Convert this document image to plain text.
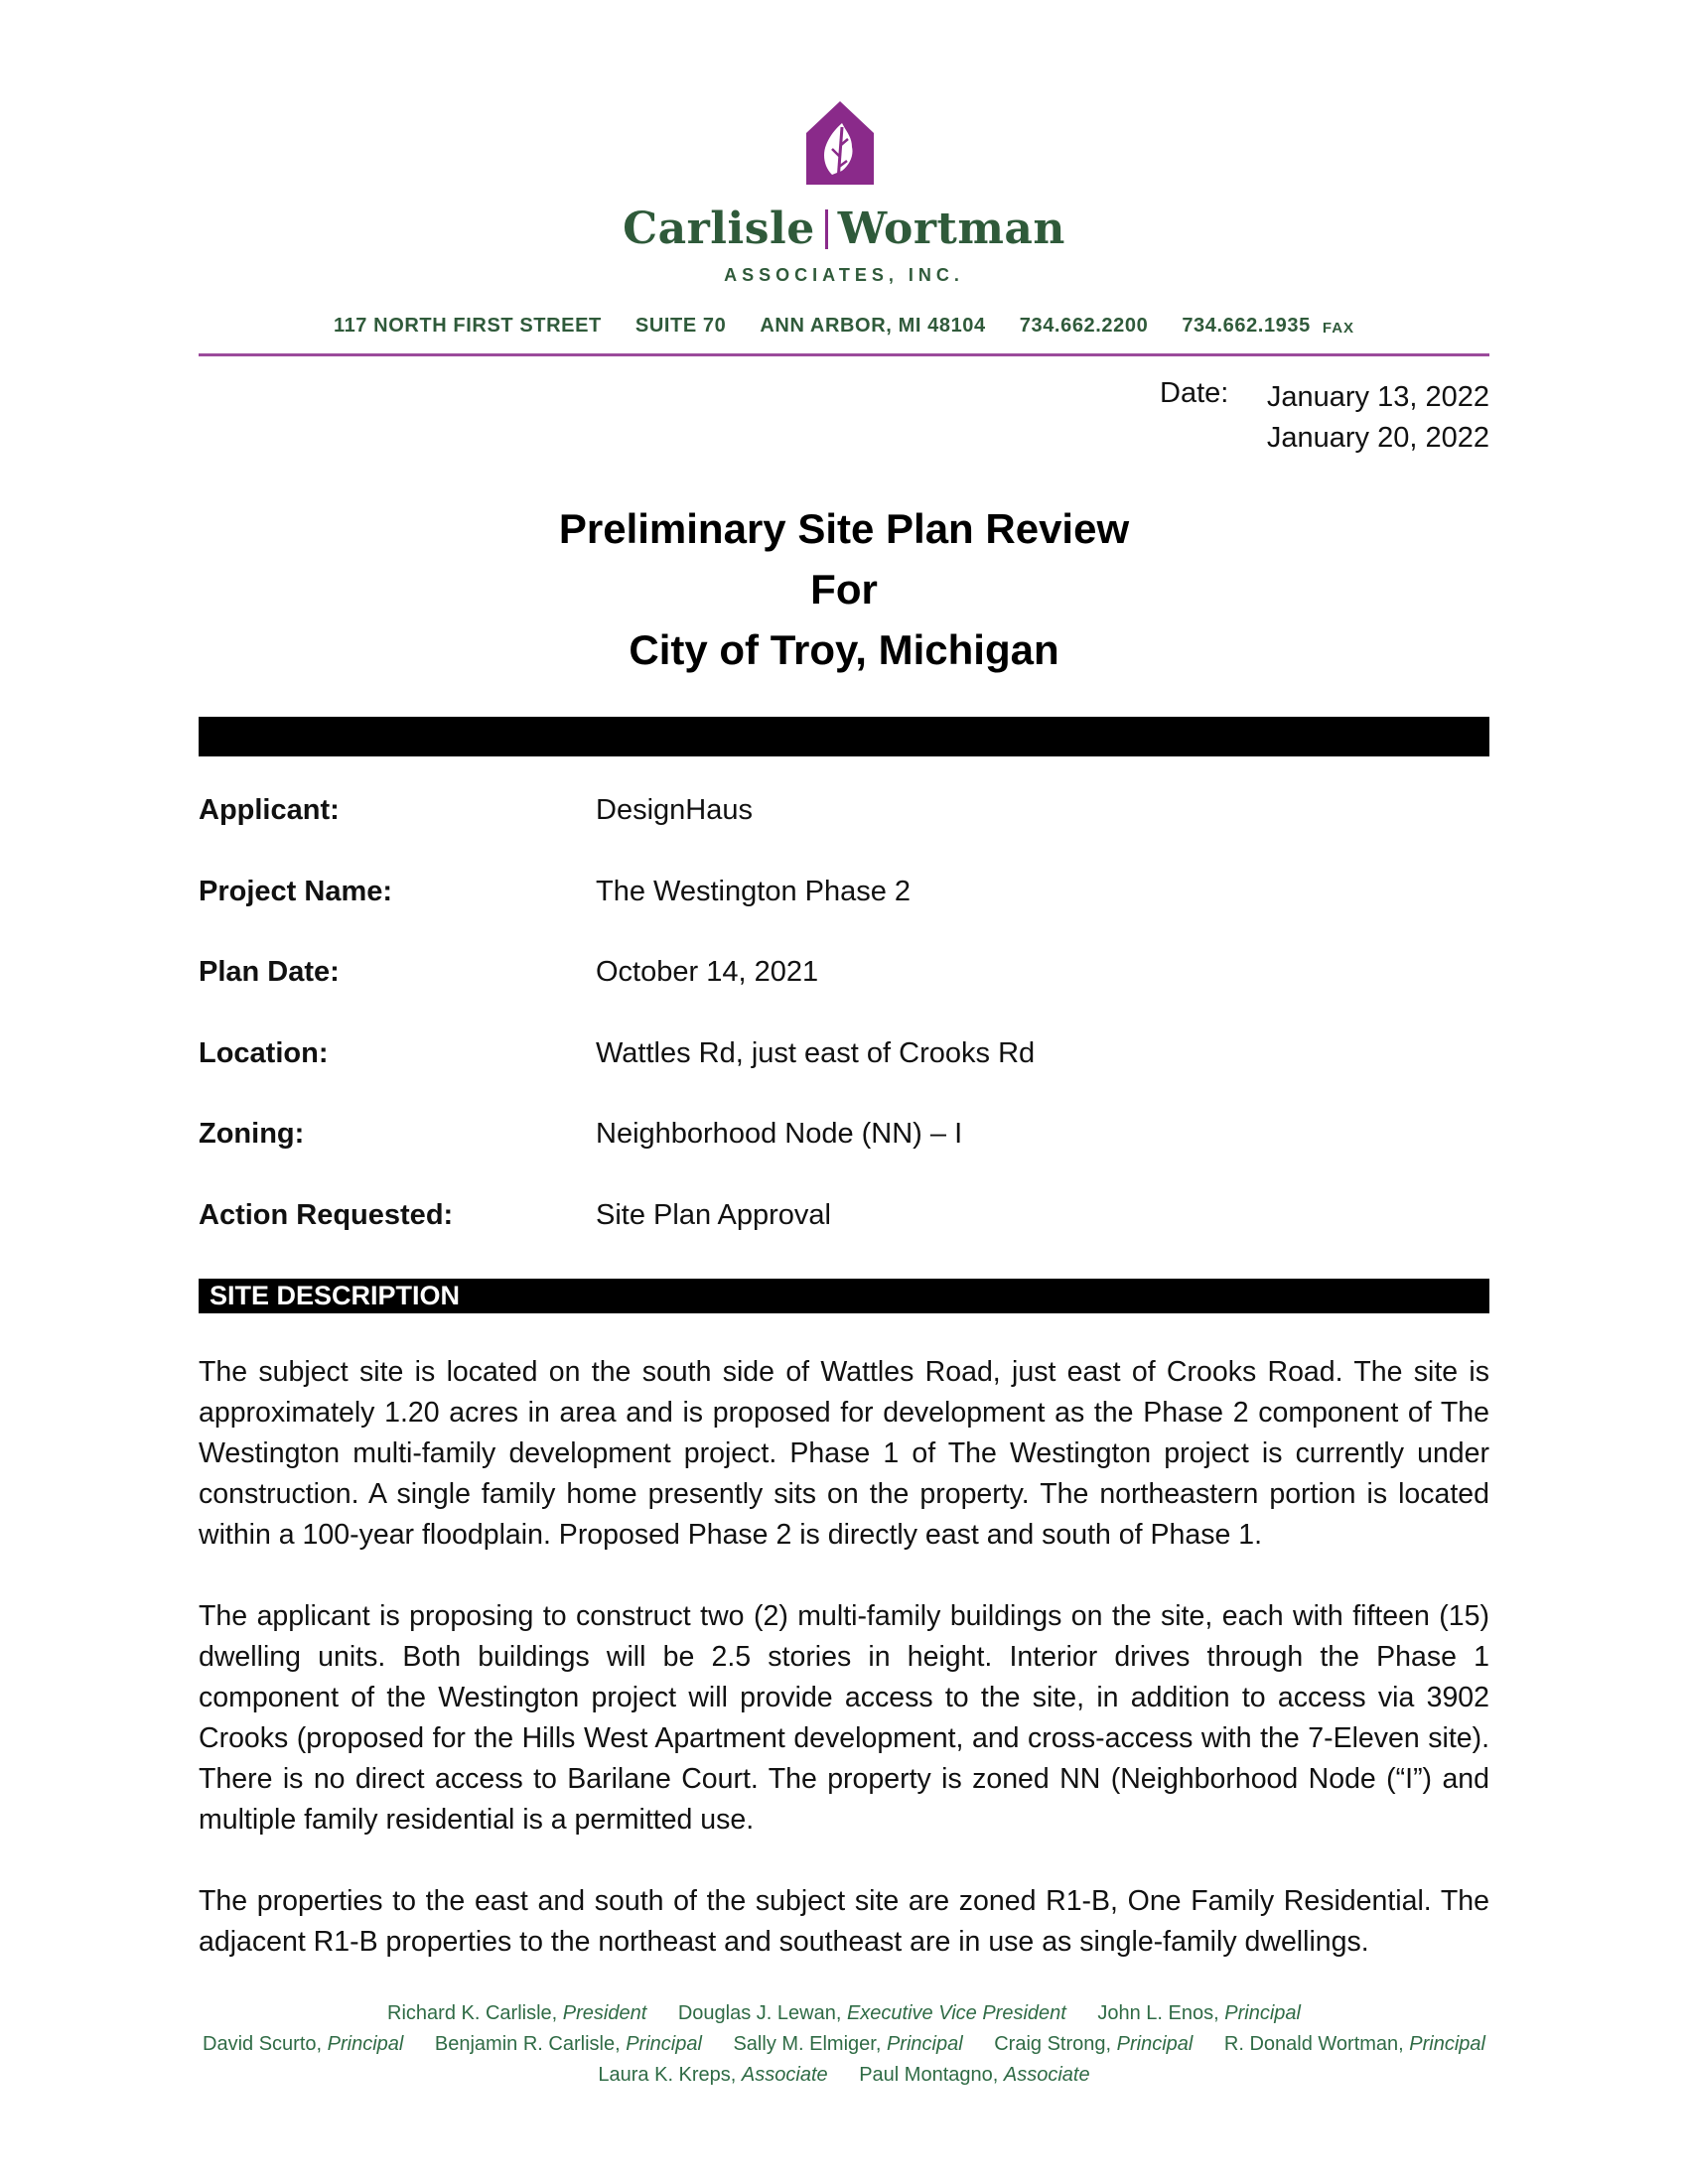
Carlisle Wortman
ASSOCIATES, INC.
117 NORTH FIRST STREET SUITE 70 ANN ARBOR, MI 48104 734.662.2200 734.662.1935 FAX
Date: January 13, 2022
January 20, 2022
Preliminary Site Plan Review
For
City of Troy, Michigan
Applicant:	DesignHaus
Project Name:	The Westington Phase 2
Plan Date:	October 14, 2021
Location:	Wattles Rd, just east of Crooks Rd
Zoning:	Neighborhood Node (NN) – I
Action Requested:	Site Plan Approval
SITE DESCRIPTION

The subject site is located on the south side of Wattles Road, just east of Crooks Road. The site is approximately 1.20 acres in area and is proposed for development as the Phase 2 component of The Westington multi-family development project. Phase 1 of The Westington project is currently under construction. A single family home presently sits on the property. The northeastern portion is located within a 100-year floodplain. Proposed Phase 2 is directly east and south of Phase 1.

The applicant is proposing to construct two (2) multi-family buildings on the site, each with fifteen (15) dwelling units. Both buildings will be 2.5 stories in height. Interior drives through the Phase 1 component of the Westington project will provide access to the site, in addition to access via 3902 Crooks (proposed for the Hills West Apartment development, and cross-access with the 7-Eleven site). There is no direct access to Barilane Court. The property is zoned NN (Neighborhood Node (“I”) and multiple family residential is a permitted use.

The properties to the east and south of the subject site are zoned R1-B, One Family Residential. The adjacent R1-B properties to the northeast and southeast are in use as single-family dwellings.

Richard K. Carlisle, President Douglas J. Lewan, Executive Vice President John L. Enos, Principal
David Scurto, Principal Benjamin R. Carlisle, Principal Sally M. Elmiger, Principal Craig Strong, Principal R. Donald Wortman, Principal
Laura K. Kreps, Associate Paul Montagno, Associate
